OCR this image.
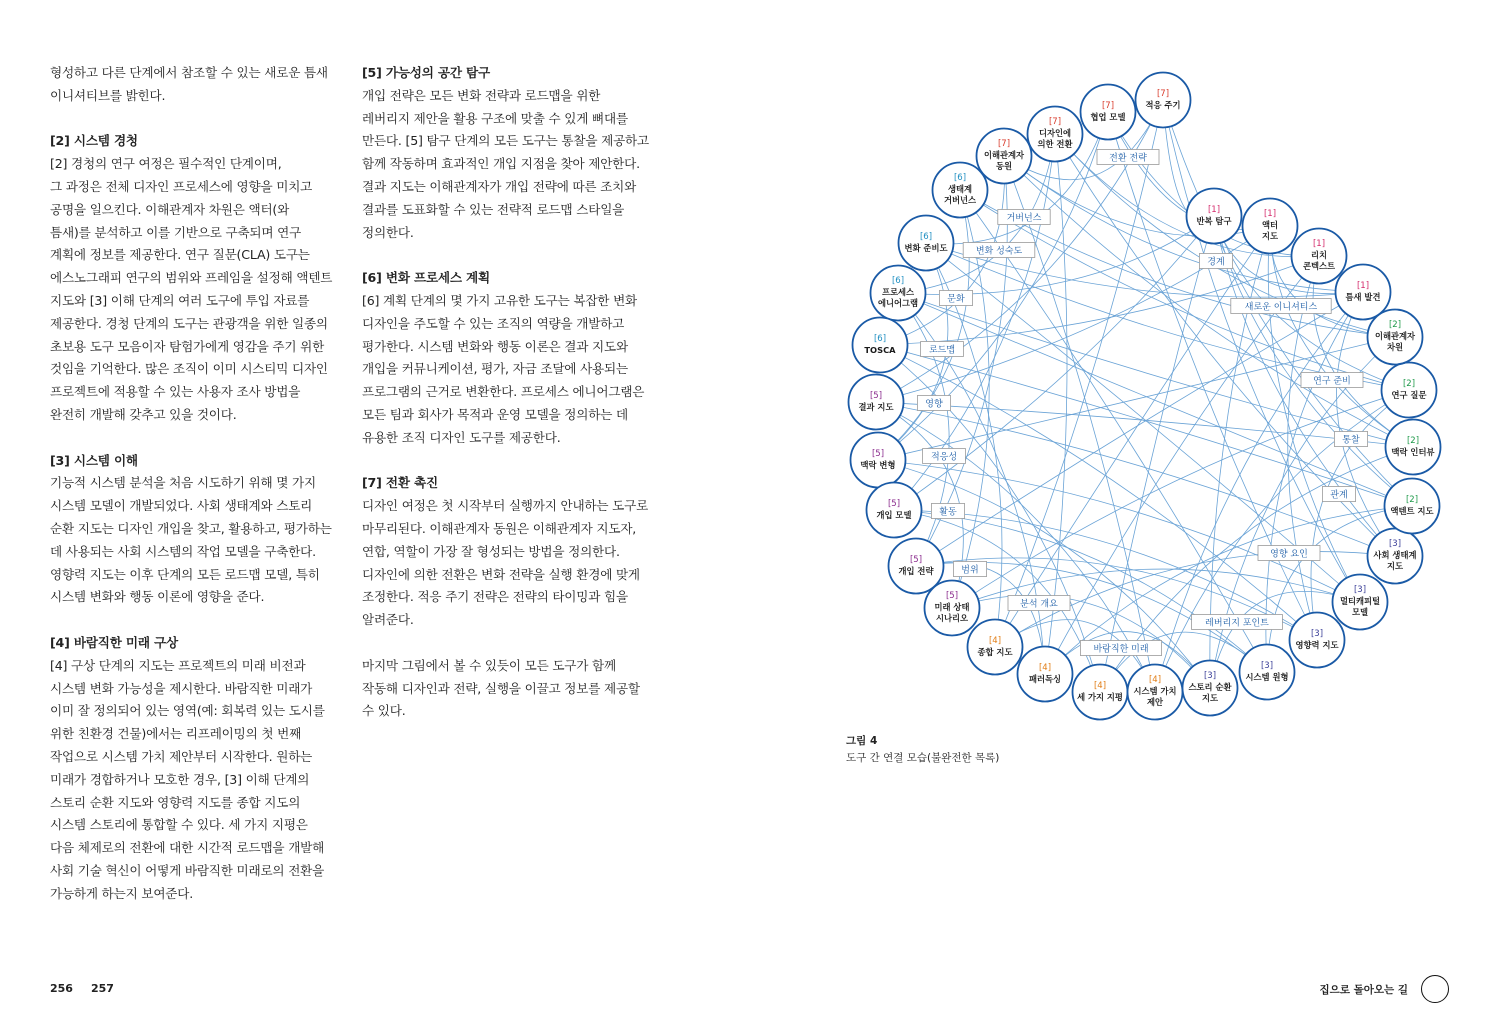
형성하고 다른 단계에서 참조할 수 있는 새로운 틈새
이니셔티브를 밝힌다.

[2] 시스템 경청

[2] 경청의 연구 여정은 필수적인 단계이며,
그 과정은 전체 디자인 프로세스에 영향을 미치고
공명을 일으킨다. 이해관계자 차원은 액터(와
틈새)를 분석하고 이를 기반으로 구축되며 연구
계획에 정보를 제공한다. 연구 질문(CLA) 도구는
에스노그래피 연구의 범위와 프레임을 설정해 액텐트
지도와 [3] 이해 단계의 여러 도구에 투입 자료를
제공한다. 경청 단계의 도구는 관광객을 위한 일종의
초보용 도구 모음이자 탐험가에게 영감을 주기 위한
것임을 기억한다. 많은 조직이 이미 시스티믹 디자인
프로젝트에 적용할 수 있는 사용자 조사 방법을
완전히 개발해 갖추고 있을 것이다.

[3] 시스템 이해

기능적 시스템 분석을 처음 시도하기 위해 몇 가지
시스템 모델이 개발되었다. 사회 생태계와 스토리
순환 지도는 디자인 개입을 찾고, 활용하고, 평가하는
데 사용되는 사회 시스템의 작업 모델을 구축한다.
영향력 지도는 이후 단계의 모든 로드맵 모델, 특히
시스템 변화와 행동 이론에 영향을 준다.

[4] 바람직한 미래 구상

[4] 구상 단계의 지도는 프로젝트의 미래 비전과
시스템 변화 가능성을 제시한다. 바람직한 미래가
이미 잘 정의되어 있는 영역(예: 회복력 있는 도시를
위한 친환경 건물)에서는 리프레이밍의 첫 번째
작업으로 시스템 가치 제안부터 시작한다. 원하는
미래가 경합하거나 모호한 경우, [3] 이해 단계의
스토리 순환 지도와 영향력 지도를 종합 지도의
시스템 스토리에 통합할 수 있다. 세 가지 지평은
다음 체제로의 전환에 대한 시간적 로드맵을 개발해
사회 기술 혁신이 어떻게 바람직한 미래로의 전환을
가능하게 하는지 보여준다.

[5] 가능성의 공간 탐구

개입 전략은 모든 변화 전략과 로드맵을 위한
레버리지 제안을 활용 구조에 맞출 수 있게 뼈대를
만든다. [5] 탐구 단계의 모든 도구는 통찰을 제공하고
함께 작동하며 효과적인 개입 지점을 찾아 제안한다.
결과 지도는 이해관계자가 개입 전략에 따른 조치와
결과를 도표화할 수 있는 전략적 로드맵 스타일을
정의한다.

[6] 변화 프로세스 계획

[6] 계획 단계의 몇 가지 고유한 도구는 복잡한 변화
디자인을 주도할 수 있는 조직의 역량을 개발하고
평가한다. 시스템 변화와 행동 이론은 결과 지도와
개입을 커뮤니케이션, 평가, 자금 조달에 사용되는
프로그램의 근거로 변환한다. 프로세스 에니어그램은
모든 팀과 회사가 목적과 운영 모델을 정의하는 데
유용한 조직 디자인 도구를 제공한다.

[7] 전환 촉진

디자인 여정은 첫 시작부터 실행까지 안내하는 도구로
마무리된다. 이해관계자 동원은 이해관계자 지도자,
연합, 역할이 가장 잘 형성되는 방법을 정의한다.
디자인에 의한 전환은 변화 전략을 실행 환경에 맞게
조정한다. 적응 주기 전략은 전략의 타이밍과 힘을
알려준다.

마지막 그림에서 볼 수 있듯이 모든 도구가 함께
작동해 디자인과 전략, 실행을 이끌고 정보를 제공할
수 있다.

전환 전략
거버넌스
변화 성숙도
문화
로드맵
영향
적응성
활동
범위
분석 개요
바람직한 미래
레버리지 포인트
영향 요인
관계
통찰
연구 준비
새로운 이니셔티스
경계
[7]
적응 주기
[7]
협업 모델
[7]
디자인에
의한 전환
[7]
이해관계자
동원
[6]
생태계
거버넌스
[6]
변화 준비도
[6]
프로세스
에니어그램
[6]
TOSCA
[5]
결과 지도
[5]
맥락 변형
[5]
개입 모델
[5]
개입 전략
[5]
미래 상태
시나리오
[4]
종합 지도
[4]
패러독싱
[4]
세 가지 지평
[4]
시스템 가치
제안
[3]
스토리 순환
지도
[3]
시스템 원형
[3]
영향력 지도
[3]
멀티캐피털
모델
[3]
사회 생태계
지도
[2]
액텐트 지도
[2]
맥락 인터뷰
[2]
연구 질문
[2]
이해관계자
차원
[1]
틈새 발견
[1]
리치
콘텍스트
[1]
액터
지도
[1]
반복 탐구
그림 4
도구 간 연결 모습(불완전한 목록)
256 257	집으로 돌아오는 길
